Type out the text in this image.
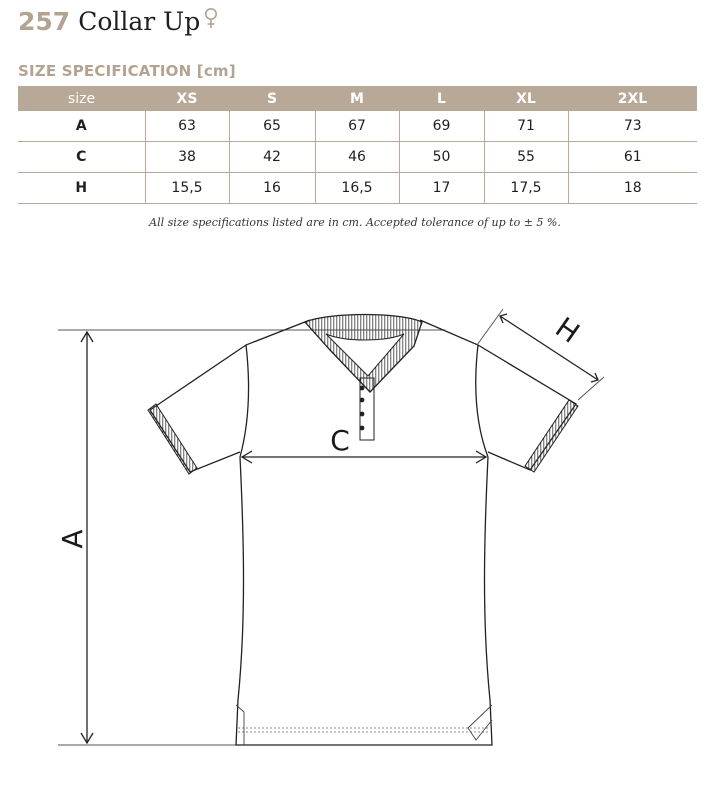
257 Collar Up
SIZE SPECIFICATION [cm]
size	XS	S	M	L	XL	2XL
A	63	65	67	69	71	73
C	38	42	46	50	55	61
H	15,5	16	16,5	17	17,5	18
All size specifications listed are in cm. Accepted tolerance of up to ± 5 %.
A
C
H
